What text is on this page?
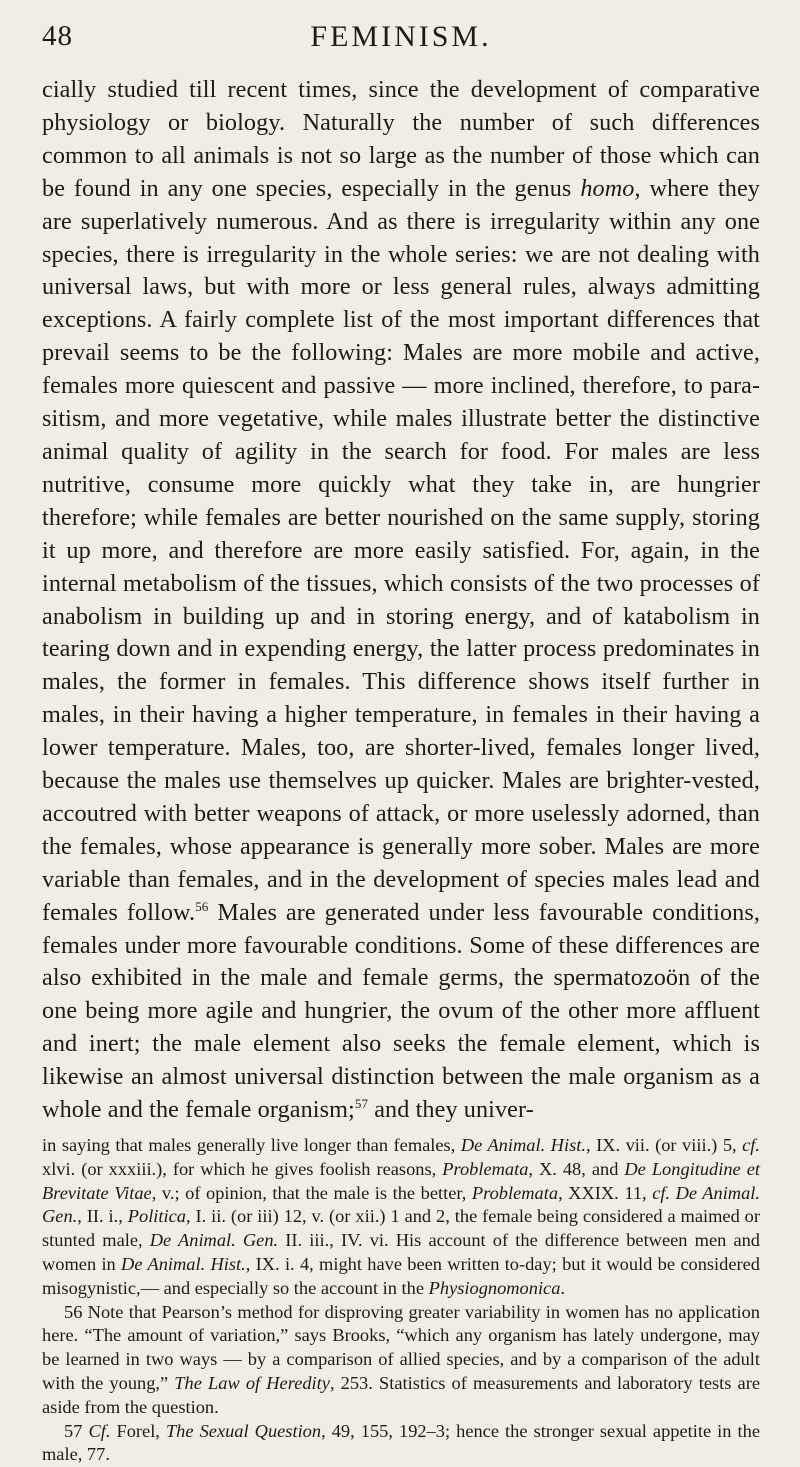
48	FEMINISM.

cially studied till recent times, since the development of comparative physiology or biology. Naturally the number of such differences common to all animals is not so large as the number of those which can be found in any one species, especially in the genus homo, where they are superlatively numerous. And as there is irregularity within any one species, there is irregularity in the whole series: we are not dealing with universal laws, but with more or less general rules, always admitting exceptions. A fairly complete list of the most important differences that prevail seems to be the following: Males are more mobile and active, females more quiescent and passive — more inclined, therefore, to parasitism, and more vegetative, while males illustrate better the distinctive animal quality of agility in the search for food. For males are less nutritive, consume more quickly what they take in, are hungrier therefore; while females are better nourished on the same supply, storing it up more, and therefore are more easily satisfied. For, again, in the internal metabolism of the tissues, which consists of the two processes of anabolism in building up and in storing energy, and of katabolism in tearing down and in expending energy, the latter process predominates in males, the former in females. This difference shows itself further in males, in their having a higher temperature, in females in their having a lower temperature. Males, too, are shorter-lived, females longer lived, because the males use themselves up quicker. Males are brighter-vested, accoutred with better weapons of attack, or more uselessly adorned, than the females, whose appearance is generally more sober. Males are more variable than females, and in the development of species males lead and females follow.$^{56}$ Males are generated under less favourable conditions, females under more favourable conditions. Some of these differences are also exhibited in the male and female germs, the spermatozoön of the one being more agile and hungrier, the ovum of the other more affluent and inert; the male element also seeks the female element, which is likewise an almost universal distinction between the male organism as a whole and the female organism;$^{57}$ and they univer-

in saying that males generally live longer than females, De Animal. Hist., IX. vii. (or viii.) 5, cf. xlvi. (or xxxiii.), for which he gives foolish reasons, Problemata, X. 48, and De Longitudine et Brevitate Vitae, v.; of opinion, that the male is the better, Problemata, XXIX. 11, cf. De Animal. Gen., II. i., Politica, I. ii. (or iii) 12, v. (or xii.) 1 and 2, the female being considered a maimed or stunted male, De Animal. Gen. II. iii., IV. vi. His account of the difference between men and women in De Animal. Hist., IX. i. 4, might have been written to-day; but it would be considered misogynistic,— and especially so the account in the Physiognomonica.

56 Note that Pearson’s method for disproving greater variability in women has no application here. “The amount of variation,” says Brooks, “which any organism has lately undergone, may be learned in two ways — by a comparison of allied species, and by a comparison of the adult with the young,” The Law of Heredity, 253. Statistics of measurements and laboratory tests are aside from the question.

57 Cf. Forel, The Sexual Question, 49, 155, 192–3; hence the stronger sexual appetite in the male, 77.
